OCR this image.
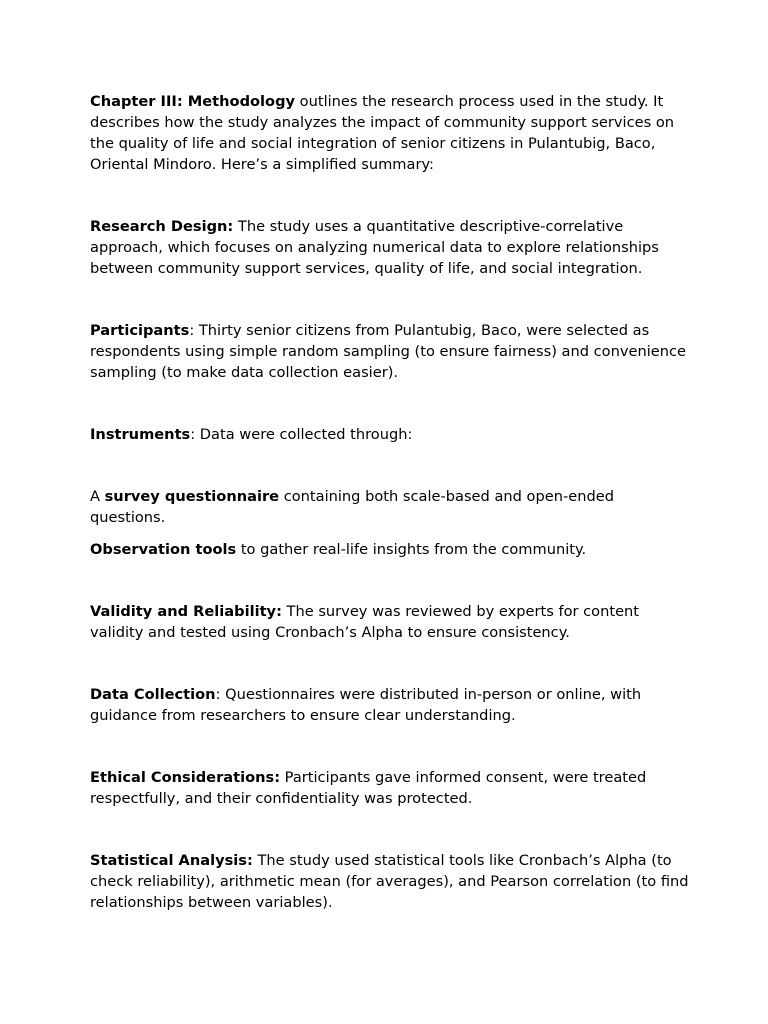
Chapter III: Methodology outlines the research process used in the study. It describes how the study analyzes the impact of community support services on the quality of life and social integration of senior citizens in Pulantubig, Baco, Oriental Mindoro. Here’s a simplified summary:

Research Design: The study uses a quantitative descriptive-correlative approach, which focuses on analyzing numerical data to explore relationships between community support services, quality of life, and social integration.

Participants: Thirty senior citizens from Pulantubig, Baco, were selected as respondents using simple random sampling (to ensure fairness) and convenience sampling (to make data collection easier).

Instruments: Data were collected through:

A survey questionnaire containing both scale-based and open-ended questions.

Observation tools to gather real-life insights from the community.

Validity and Reliability: The survey was reviewed by experts for content validity and tested using Cronbach’s Alpha to ensure consistency.

Data Collection: Questionnaires were distributed in-person or online, with guidance from researchers to ensure clear understanding.

Ethical Considerations: Participants gave informed consent, were treated respectfully, and their confidentiality was protected.

Statistical Analysis: The study used statistical tools like Cronbach’s Alpha (to check reliability), arithmetic mean (for averages), and Pearson correlation (to find relationships between variables).
